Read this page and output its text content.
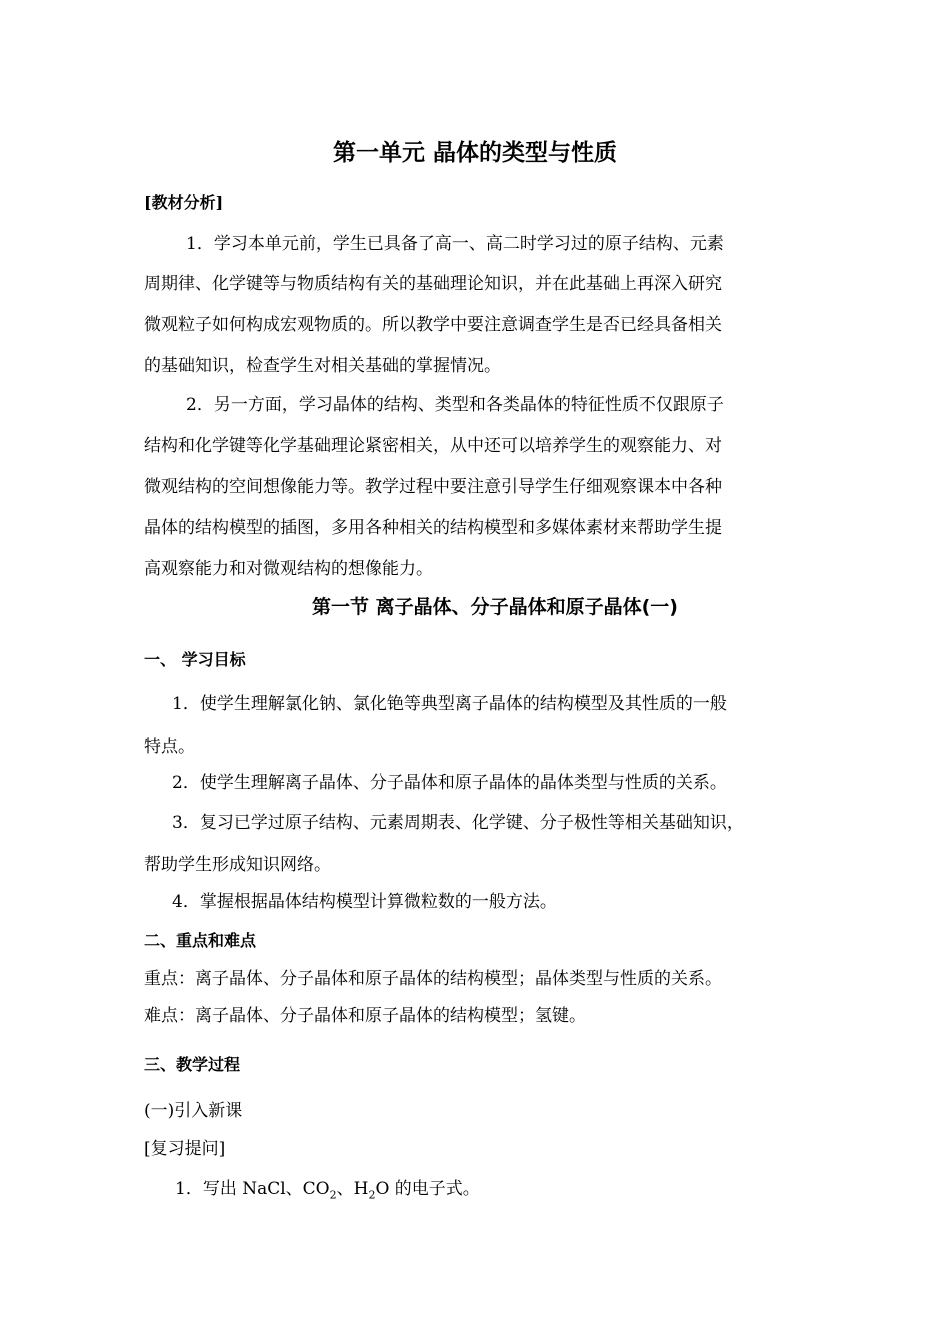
第一单元 晶体的类型与性质
[教材分析]
1．学习本单元前，学生已具备了高一、高二时学习过的原子结构、元素
周期律、化学键等与物质结构有关的基础理论知识，并在此基础上再深入研究
微观粒子如何构成宏观物质的。所以教学中要注意调查学生是否已经具备相关
的基础知识，检查学生对相关基础的掌握情况。
2．另一方面，学习晶体的结构、类型和各类晶体的特征性质不仅跟原子
结构和化学键等化学基础理论紧密相关，从中还可以培养学生的观察能力、对
微观结构的空间想像能力等。教学过程中要注意引导学生仔细观察课本中各种
晶体的结构模型的插图，多用各种相关的结构模型和多媒体素材来帮助学生提
高观察能力和对微观结构的想像能力。
第一节 离子晶体、分子晶体和原子晶体(一)
一、 学习目标
1．使学生理解氯化钠、氯化铯等典型离子晶体的结构模型及其性质的一般
特点。
2．使学生理解离子晶体、分子晶体和原子晶体的晶体类型与性质的关系。
3．复习已学过原子结构、元素周期表、化学键、分子极性等相关基础知识，
帮助学生形成知识网络。
4．掌握根据晶体结构模型计算微粒数的一般方法。
二、重点和难点
重点：离子晶体、分子晶体和原子晶体的结构模型；晶体类型与性质的关系。
难点：离子晶体、分子晶体和原子晶体的结构模型；氢键。
三、教学过程
(一)引入新课
[复习提问]
1．写出 NaCl、$CO_2$、$H_2O$ 的电子式。
